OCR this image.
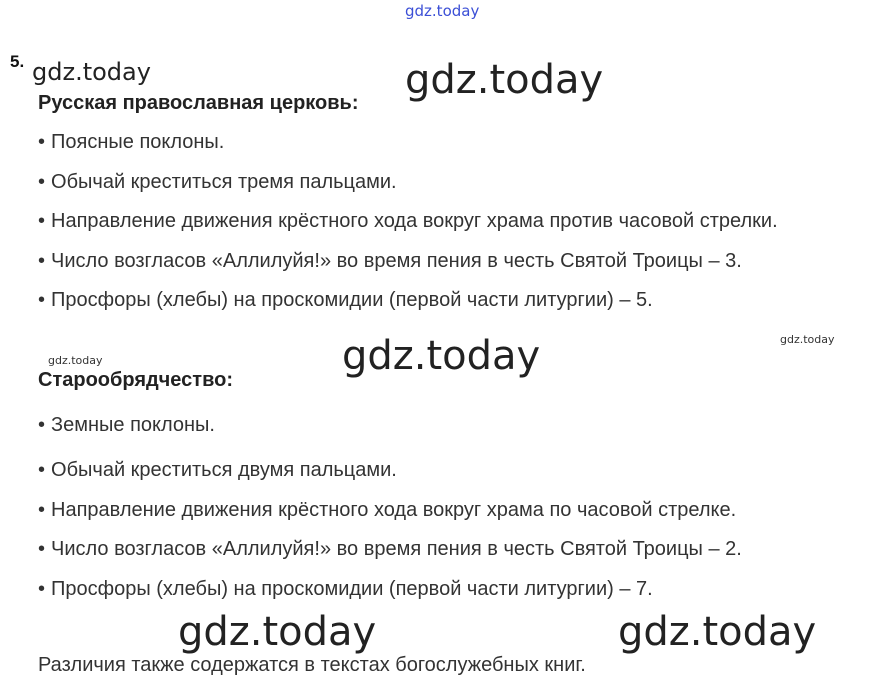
gdz.today
gdz.today	gdz.today
gdz.today
gdz.today
gdz.today
gdz.today	gdz.today
5.
Русская православная церковь:
• Поясные поклоны.
• Обычай креститься тремя пальцами.
• Направление движения крёстного хода вокруг храма против часовой стрелки.
• Число возгласов «Аллилуйя!» во время пения в честь Святой Троицы – 3.
• Просфоры (хлебы) на проскомидии (первой части литургии) – 5.
Старообрядчество:
• Земные поклоны.
• Обычай креститься двумя пальцами.
• Направление движения крёстного хода вокруг храма по часовой стрелке.
• Число возгласов «Аллилуйя!» во время пения в честь Святой Троицы – 2.
• Просфоры (хлебы) на проскомидии (первой части литургии) – 7.
Различия также содержатся в текстах богослужебных книг.
